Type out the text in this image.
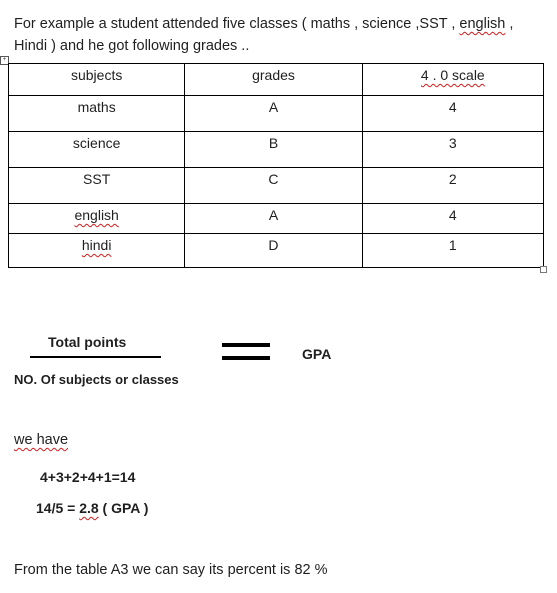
For example a student attended five classes ( maths , science ,SST , english ,
Hindi ) and he got following grades ..
+
subjects	grades	4 . 0 scale
maths	A	4
science	B	3
SST	C	2
english	A	4
hindi	D	1
Total points
NO. Of subjects or classes
GPA
we have
4+3+2+4+1=14
14/5 = 2.8 ( GPA )
From the table A3 we can say its percent is 82 %
